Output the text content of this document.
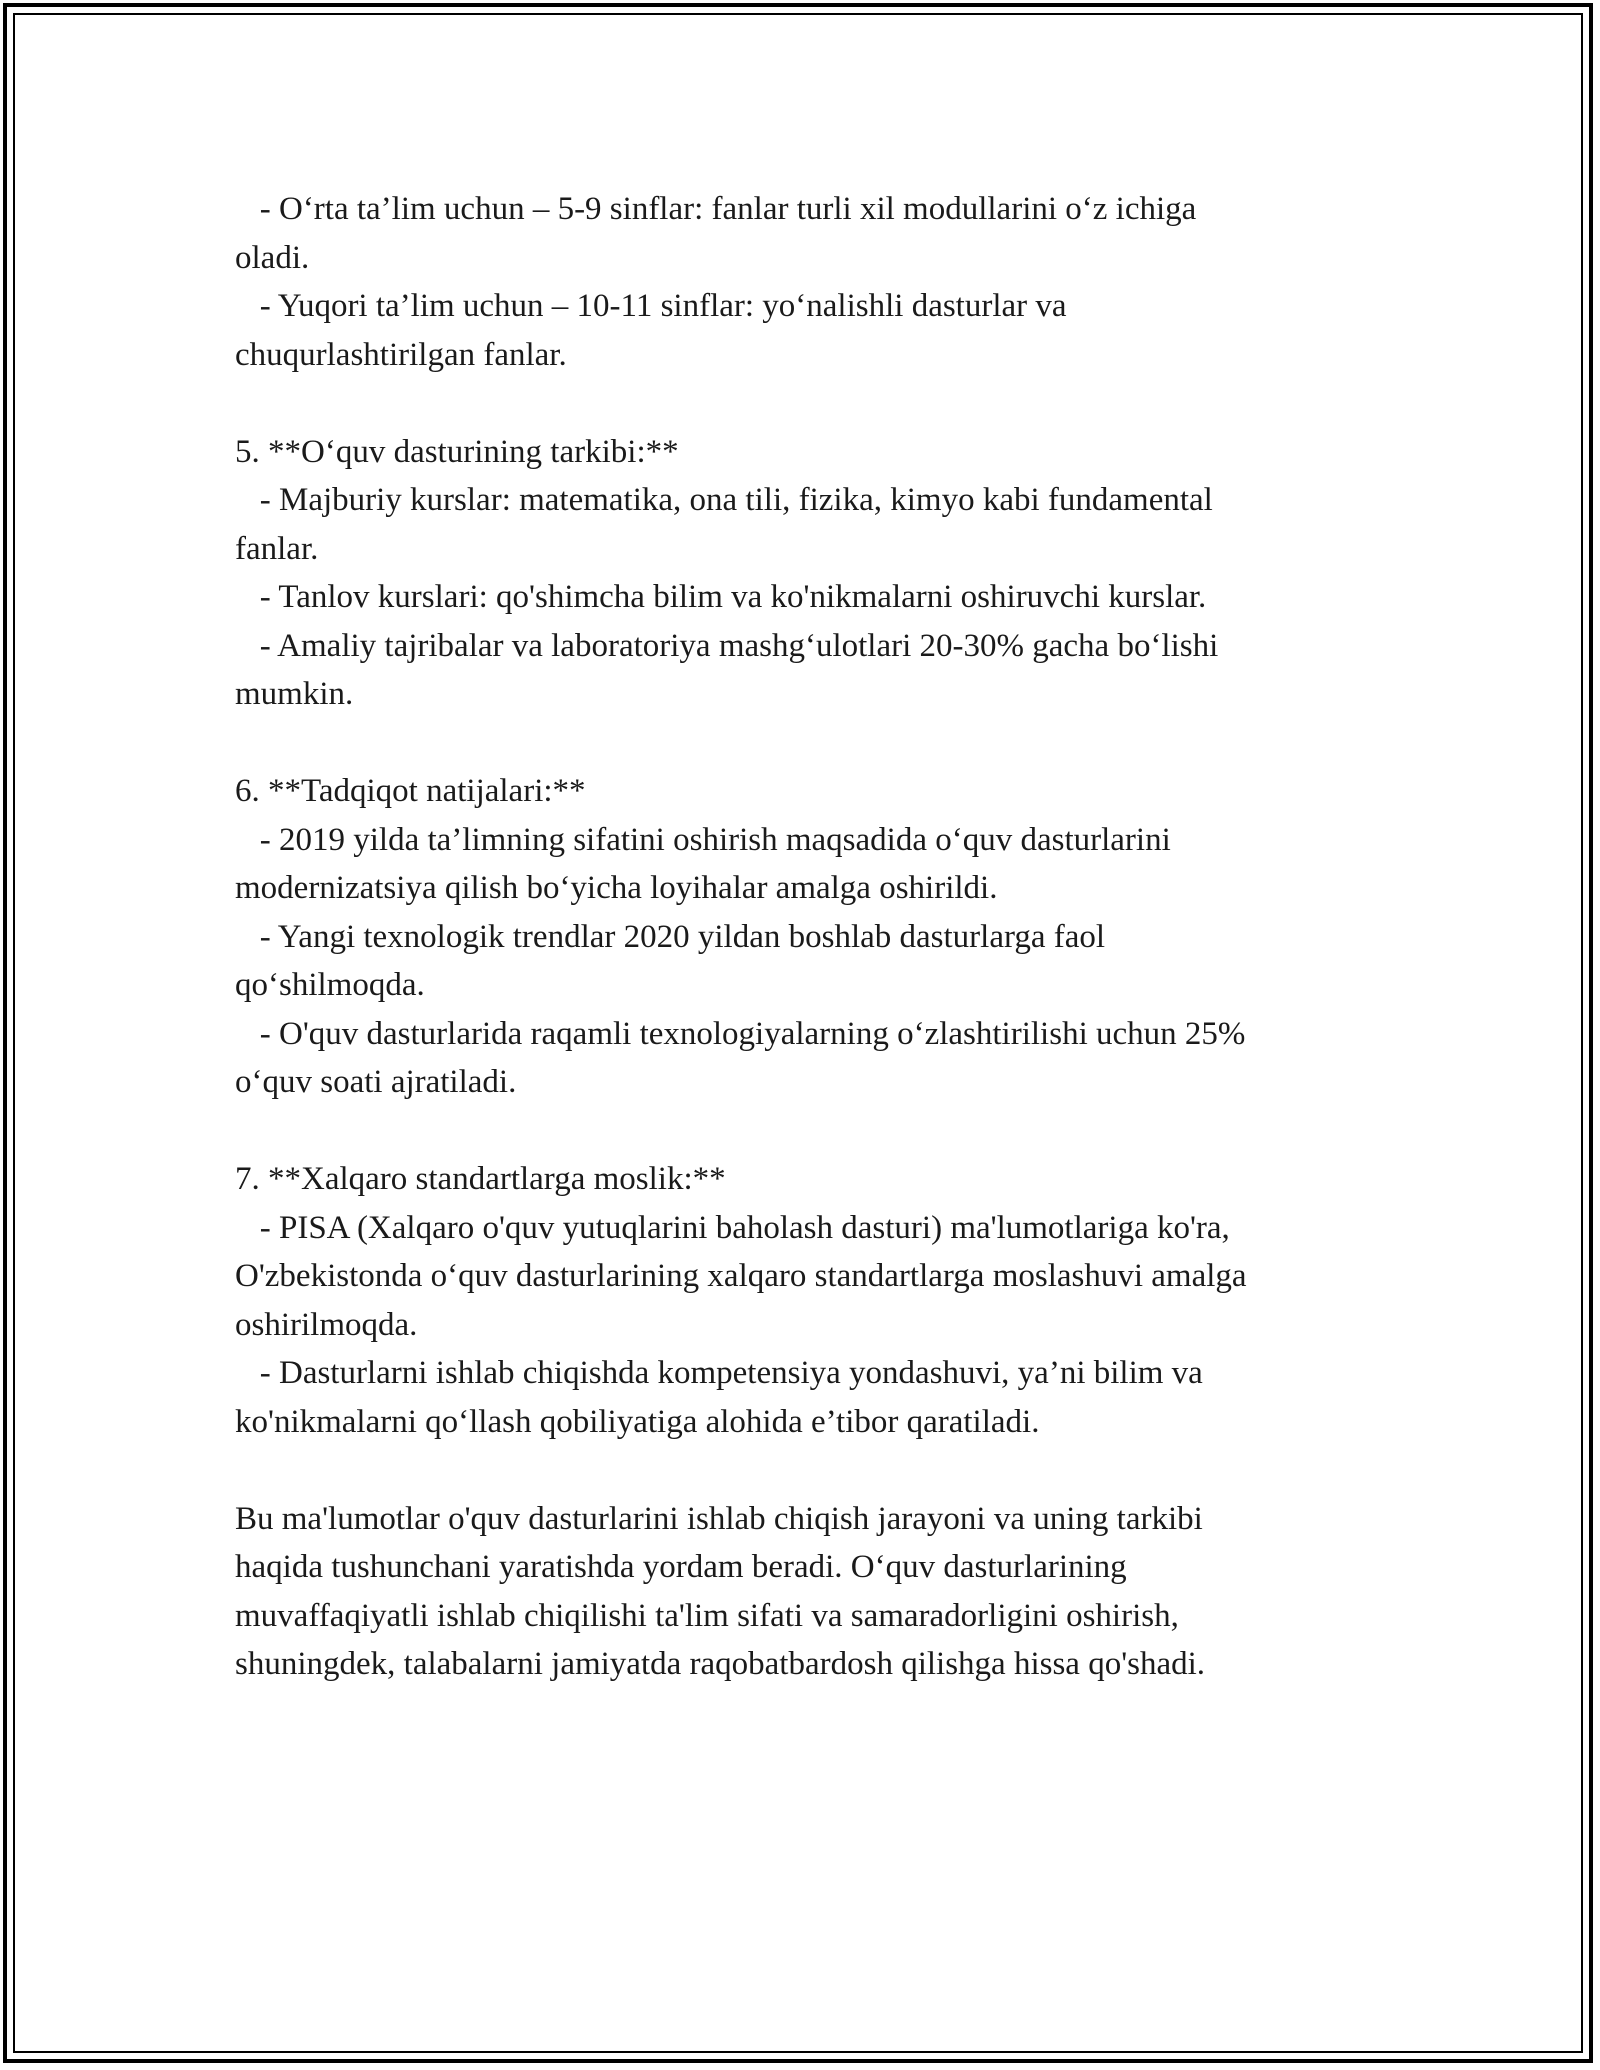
- O‘rta ta’lim uchun – 5-9 sinflar: fanlar turli xil modullarini o‘z ichiga

oladi.

- Yuqori ta’lim uchun – 10-11 sinflar: yo‘nalishli dasturlar va

chuqurlashtirilgan fanlar.

5. **O‘quv dasturining tarkibi:**

- Majburiy kurslar: matematika, ona tili, fizika, kimyo kabi fundamental

fanlar.

- Tanlov kurslari: qo'shimcha bilim va ko'nikmalarni oshiruvchi kurslar.

- Amaliy tajribalar va laboratoriya mashg‘ulotlari 20-30% gacha bo‘lishi

mumkin.

6. **Tadqiqot natijalari:**

- 2019 yilda ta’limning sifatini oshirish maqsadida o‘quv dasturlarini

modernizatsiya qilish bo‘yicha loyihalar amalga oshirildi.

- Yangi texnologik trendlar 2020 yildan boshlab dasturlarga faol

qo‘shilmoqda.

- O'quv dasturlarida raqamli texnologiyalarning o‘zlashtirilishi uchun 25%

o‘quv soati ajratiladi.

7. **Xalqaro standartlarga moslik:**

- PISA (Xalqaro o'quv yutuqlarini baholash dasturi) ma'lumotlariga ko'ra,

O'zbekistonda o‘quv dasturlarining xalqaro standartlarga moslashuvi amalga

oshirilmoqda.

- Dasturlarni ishlab chiqishda kompetensiya yondashuvi, ya’ni bilim va

ko'nikmalarni qo‘llash qobiliyatiga alohida e’tibor qaratiladi.

Bu ma'lumotlar o'quv dasturlarini ishlab chiqish jarayoni va uning tarkibi

haqida tushunchani yaratishda yordam beradi. O‘quv dasturlarining

muvaffaqiyatli ishlab chiqilishi ta'lim sifati va samaradorligini oshirish,

shuningdek, talabalarni jamiyatda raqobatbardosh qilishga hissa qo'shadi.
